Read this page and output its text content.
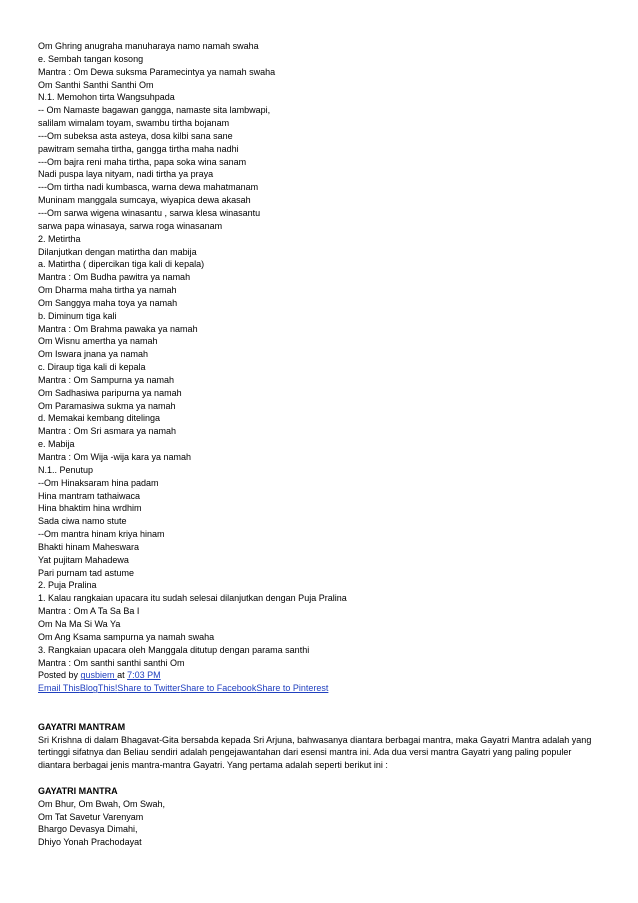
Om Ghring anugraha manuharaya namo namah swaha
e. Sembah tangan kosong
Mantra : Om Dewa suksma Paramecintya ya namah swaha
Om Santhi Santhi Santhi Om
N.1. Memohon tirta Wangsuhpada
-- Om Namaste bagawan gangga, namaste sita lambwapi,
salilam wimalam toyam, swambu tirtha bojanam
---Om subeksa asta asteya, dosa kilbi sana sane
pawitram semaha tirtha, gangga tirtha maha nadhi
---Om bajra reni maha tirtha, papa soka wina sanam
Nadi puspa laya nityam, nadi tirtha ya praya
---Om tirtha nadi kumbasca, warna dewa mahatmanam
Muninam manggala sumcaya, wiyapica dewa akasah
---Om sarwa wigena winasantu , sarwa klesa winasantu
sarwa papa winasaya, sarwa roga winasanam
2. Metirtha
Dilanjutkan dengan matirtha dan mabija
a. Matirtha ( dipercikan tiga kali di kepala)
Mantra : Om Budha pawitra ya namah
Om Dharma maha tirtha ya namah
Om Sanggya maha toya ya namah
b. Diminum tiga kali
Mantra : Om Brahma pawaka ya namah
Om Wisnu amertha ya namah
Om Iswara jnana ya namah
c. Diraup tiga kali di kepala
Mantra : Om Sampurna ya namah
Om Sadhasiwa paripurna ya namah
Om Paramasiwa sukma ya namah
d. Memakai kembang ditelinga
Mantra : Om Sri asmara ya namah
e. Mabija
Mantra : Om Wija -wija kara ya namah
N.1.. Penutup
--Om Hinaksaram hina padam
Hina mantram tathaiwaca
Hina bhaktim hina wrdhim
Sada ciwa namo stute
--Om mantra hinam kriya hinam
Bhakti hinam Maheswara
Yat pujitam Mahadewa
Pari purnam tad astume
2. Puja Pralina
1. Kalau rangkaian upacara itu sudah selesai dilanjutkan dengan Puja Pralina
Mantra : Om A Ta Sa Ba I
Om Na Ma Si Wa Ya
Om Ang Ksama sampurna ya namah swaha
3. Rangkaian upacara oleh Manggala ditutup dengan parama santhi
Mantra : Om santhi santhi santhi Om
Posted by gusbiem at 7:03 PM
Email ThisBlogThis!Share to TwitterShare to FacebookShare to Pinterest
GAYATRI MANTRAM
Sri Krishna di dalam Bhagavat-Gita bersabda kepada Sri Arjuna, bahwasanya diantara berbagai mantra, maka Gayatri Mantra adalah yang tertinggi sifatnya dan Beliau sendiri adalah pengejawantahan dari esensi mantra ini. Ada dua versi mantra Gayatri yang paling populer diantara berbagai jenis mantra-mantra Gayatri. Yang pertama adalah seperti berikut ini :
GAYATRI MANTRA
Om Bhur, Om Bwah, Om Swah,
Om Tat Savetur Varenyam
Bhargo Devasya Dimahi,
Dhiyo Yonah Prachodayat
